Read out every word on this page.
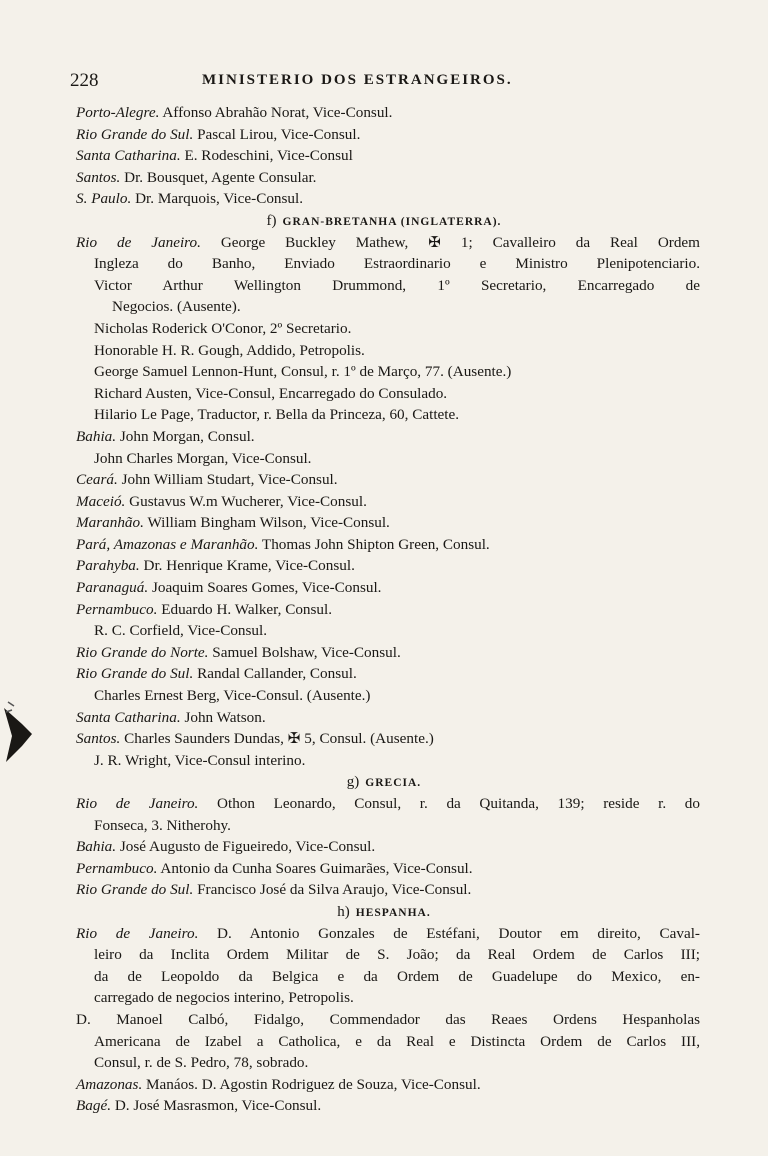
228	MINISTERIO DOS ESTRANGEIROS.
Porto-Alegre. Affonso Abrahão Norat, Vice-Consul.
Rio Grande do Sul. Pascal Lirou, Vice-Consul.
Santa Catharina. E. Rodeschini, Vice-Consul
Santos. Dr. Bousquet, Agente Consular.
S. Paulo. Dr. Marquois, Vice-Consul.
f) GRAN-BRETANHA (INGLATERRA).
Rio de Janeiro. George Buckley Mathew, ✠ 1; Cavalleiro da Real Ordem
Ingleza do Banho, Enviado Estraordinario e Ministro Plenipotenciario.
Victor Arthur Wellington Drummond, 1º Secretario, Encarregado de
Negocios. (Ausente).
Nicholas Roderick O'Conor, 2º Secretario.
Honorable H. R. Gough, Addido, Petropolis.
George Samuel Lennon-Hunt, Consul, r. 1º de Março, 77. (Ausente.)
Richard Austen, Vice-Consul, Encarregado do Consulado.
Hilario Le Page, Traductor, r. Bella da Princeza, 60, Cattete.
Bahia. John Morgan, Consul.
John Charles Morgan, Vice-Consul.
Ceará. John William Studart, Vice-Consul.
Maceió. Gustavus W.m Wucherer, Vice-Consul.
Maranhão. William Bingham Wilson, Vice-Consul.
Pará, Amazonas e Maranhão. Thomas John Shipton Green, Consul.
Parahyba. Dr. Henrique Krame, Vice-Consul.
Paranaguá. Joaquim Soares Gomes, Vice-Consul.
Pernambuco. Eduardo H. Walker, Consul.
R. C. Corfield, Vice-Consul.
Rio Grande do Norte. Samuel Bolshaw, Vice-Consul.
Rio Grande do Sul. Randal Callander, Consul.
Charles Ernest Berg, Vice-Consul. (Ausente.)
Santa Catharina. John Watson.
Santos. Charles Saunders Dundas, ✠ 5, Consul. (Ausente.)
J. R. Wright, Vice-Consul interino.
g) GRECIA.
Rio de Janeiro. Othon Leonardo, Consul, r. da Quitanda, 139; reside r. do
Fonseca, 3. Nitherohy.
Bahia. José Augusto de Figueiredo, Vice-Consul.
Pernambuco. Antonio da Cunha Soares Guimarães, Vice-Consul.
Rio Grande do Sul. Francisco José da Silva Araujo, Vice-Consul.
h) HESPANHA.
Rio de Janeiro. D. Antonio Gonzales de Estéfani, Doutor em direito, Caval-
leiro da Inclita Ordem Militar de S. João; da Real Ordem de Carlos III;
da de Leopoldo da Belgica e da Ordem de Guadelupe do Mexico, en-
carregado de negocios interino, Petropolis.
D. Manoel Calbó, Fidalgo, Commendador das Reaes Ordens Hespanholas
Americana de Izabel a Catholica, e da Real e Distincta Ordem de Carlos III,
Consul, r. de S. Pedro, 78, sobrado.
Amazonas. Manáos. D. Agostin Rodriguez de Souza, Vice-Consul.
Bagé. D. José Masrasmon, Vice-Consul.
